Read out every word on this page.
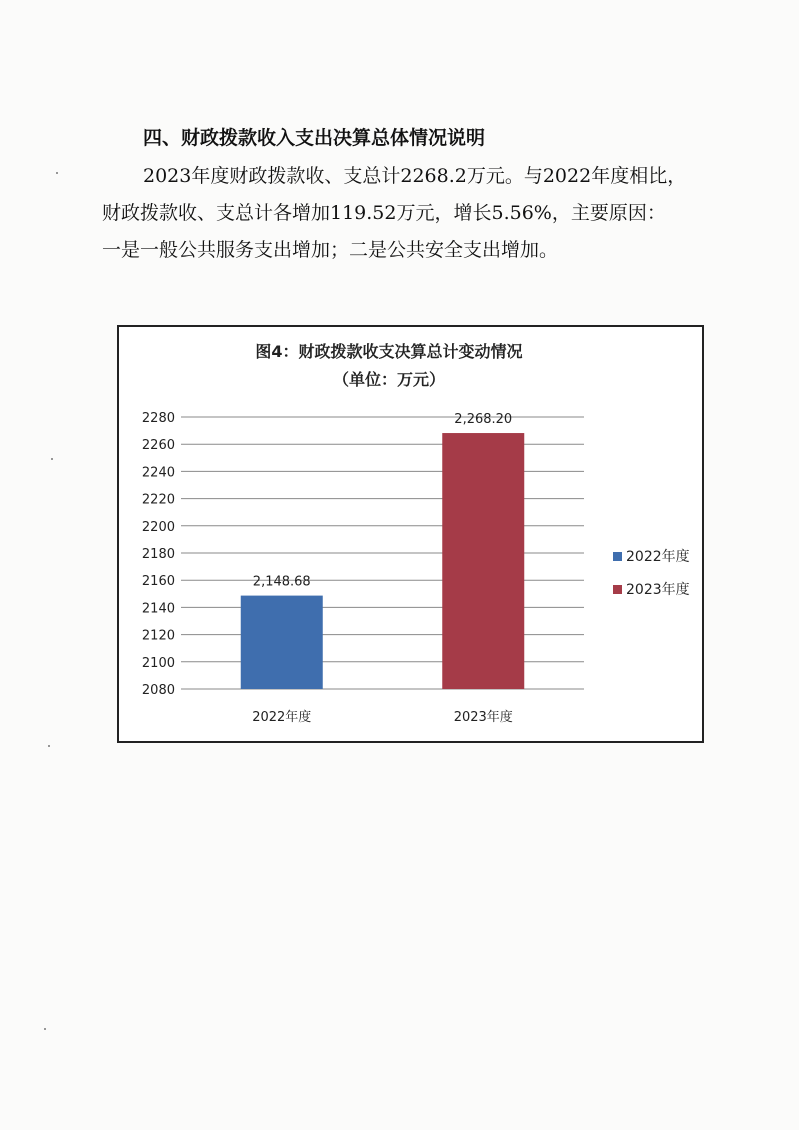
四、财政拨款收入支出决算总体情况说明

2023年度财政拨款收、支总计2268.2万元。与2022年度相比，
财政拨款收、支总计各增加119.52万元，增长5.56%，主要原因：
一是一般公共服务支出增加；二是公共安全支出增加。

图4：财政拨款收支决算总计变动情况
（单位：万元）
2280
2260
2240
2220
2200
2180
2160
2140
2120
2100
2080
2,148.68
2022年度
2,268.20
2023年度
2022年度
2023年度
